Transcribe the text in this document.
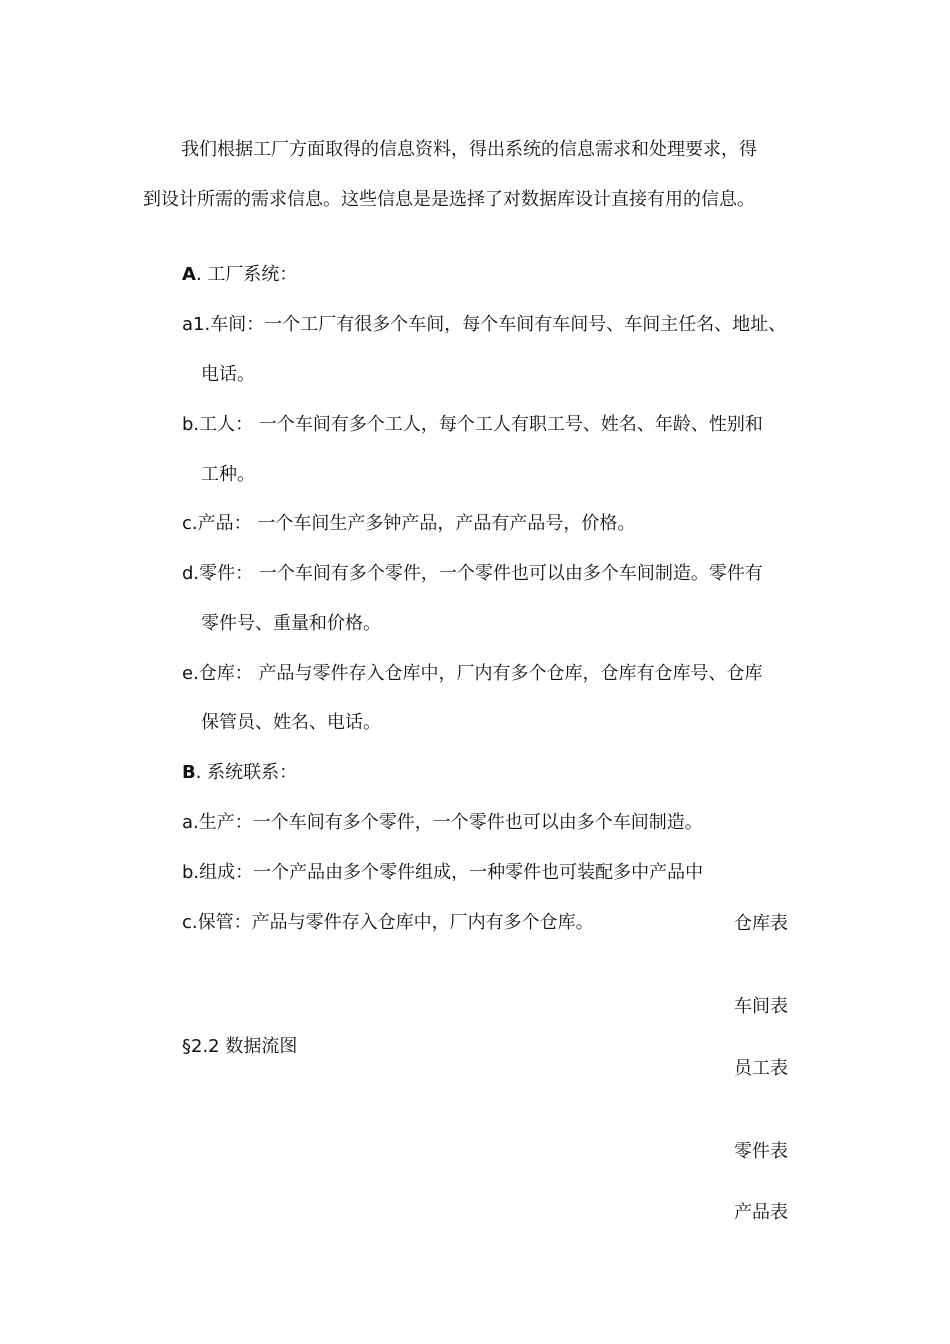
我们根据工厂方面取得的信息资料，得出系统的信息需求和处理要求，得
到设计所需的需求信息。这些信息是是选择了对数据库设计直接有用的信息。
A. 工厂系统：
a1.车间：一个工厂有很多个车间，每个车间有车间号、车间主任名、地址、
电话。
b.工人： 一个车间有多个工人，每个工人有职工号、姓名、年龄、性别和
工种。
c.产品： 一个车间生产多钟产品，产品有产品号，价格。
d.零件： 一个车间有多个零件，一个零件也可以由多个车间制造。零件有
零件号、重量和价格。
e.仓库： 产品与零件存入仓库中，厂内有多个仓库，仓库有仓库号、仓库
保管员、姓名、电话。
B. 系统联系：
a.生产：一个车间有多个零件，一个零件也可以由多个车间制造。
b.组成：一个产品由多个零件组成，一种零件也可装配多中产品中
c.保管：产品与零件存入仓库中，厂内有多个仓库。
§2.2 数据流图
仓库表
车间表
员工表
零件表
产品表
